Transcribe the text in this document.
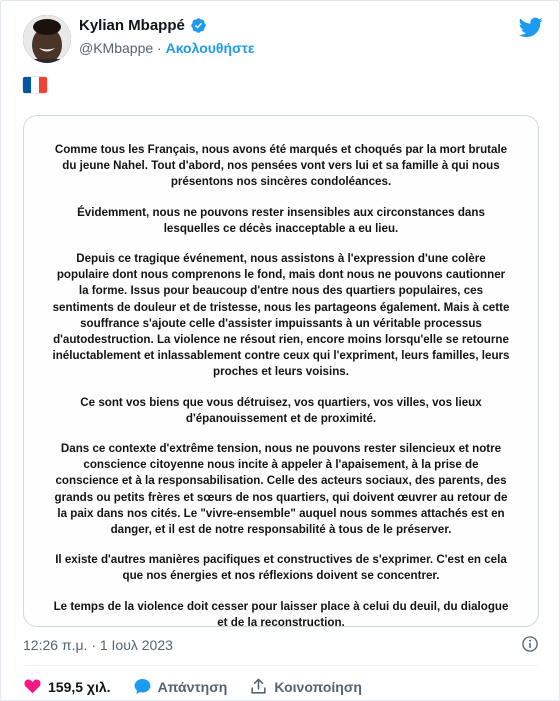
Kylian Mbappé
@KMbappe · Ακολουθήστε

Comme tous les Français, nous avons été marqués et choqués par la mort brutale du jeune Nahel. Tout d'abord, nos pensées vont vers lui et sa famille à qui nous présentons nos sincères condoléances.

Évidemment, nous ne pouvons rester insensibles aux circonstances dans lesquelles ce décès inacceptable a eu lieu.

Depuis ce tragique événement, nous assistons à l'expression d'une colère populaire dont nous comprenons le fond, mais dont nous ne pouvons cautionner la forme. Issus pour beaucoup d'entre nous des quartiers populaires, ces sentiments de douleur et de tristesse, nous les partageons également. Mais à cette souffrance s'ajoute celle d'assister impuissants à un véritable processus d'autodestruction. La violence ne résout rien, encore moins lorsqu'elle se retourne inéluctablement et inlassablement contre ceux qui l'expriment, leurs familles, leurs proches et leurs voisins.

Ce sont vos biens que vous détruisez, vos quartiers, vos villes, vos lieux d'épanouissement et de proximité.

Dans ce contexte d'extrême tension, nous ne pouvons rester silencieux et notre conscience citoyenne nous incite à appeler à l'apaisement, à la prise de conscience et à la responsabilisation. Celle des acteurs sociaux, des parents, des grands ou petits frères et sœurs de nos quartiers, qui doivent œuvrer au retour de la paix dans nos cités. Le "vivre-ensemble" auquel nous sommes attachés est en danger, et il est de notre responsabilité à tous de le préserver.

Il existe d'autres manières pacifiques et constructives de s'exprimer. C'est en cela que nos énergies et nos réflexions doivent se concentrer.

Le temps de la violence doit cesser pour laisser place à celui du deuil, du dialogue et de la reconstruction.

12:26 π.μ. · 1 Ιουλ 2023
159,5 χιλ.	Απάντηση	Κοινοποίηση
